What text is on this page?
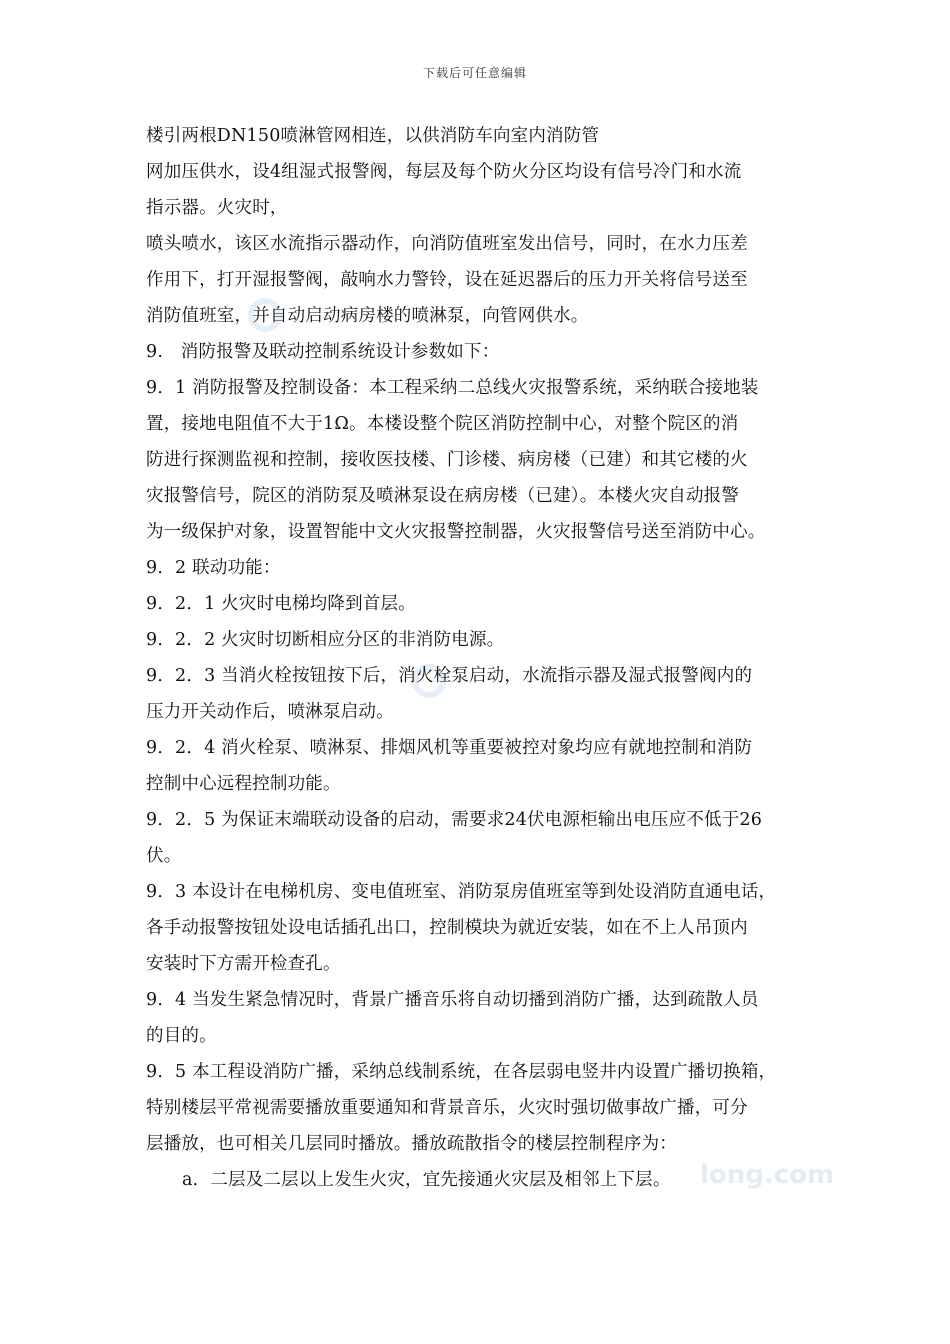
下载后可任意编辑
long.com
楼引两根DN150喷淋管网相连，以供消防车向室内消防管
网加压供水，设4组湿式报警阀，每层及每个防火分区均设有信号冷门和水流
指示器。火灾时，
喷头喷水，该区水流指示器动作，向消防值班室发出信号，同时，在水力压差
作用下，打开湿报警阀，敲响水力警铃，设在延迟器后的压力开关将信号送至
消防值班室，并自动启动病房楼的喷淋泵，向管网供水。
9.　消防报警及联动控制系统设计参数如下：
9．1 消防报警及控制设备：本工程采纳二总线火灾报警系统，采纳联合接地装
置，接地电阻值不大于1Ω。本楼设整个院区消防控制中心，对整个院区的消
防进行探测监视和控制，接收医技楼、门诊楼、病房楼（已建）和其它楼的火
灾报警信号，院区的消防泵及喷淋泵设在病房楼（已建）。本楼火灾自动报警
为一级保护对象，设置智能中文火灾报警控制器，火灾报警信号送至消防中心。
9．2 联动功能：
9．2．1 火灾时电梯均降到首层。
9．2．2 火灾时切断相应分区的非消防电源。
9．2．3 当消火栓按钮按下后，消火栓泵启动，水流指示器及湿式报警阀内的
压力开关动作后，喷淋泵启动。
9．2．4 消火栓泵、喷淋泵、排烟风机等重要被控对象均应有就地控制和消防
控制中心远程控制功能。
9．2．5 为保证末端联动设备的启动，需要求24伏电源柜输出电压应不低于26
伏。
9．3 本设计在电梯机房、变电值班室、消防泵房值班室等到处设消防直通电话，
各手动报警按钮处设电话插孔出口，控制模块为就近安装，如在不上人吊顶内
安装时下方需开检查孔。
9．4 当发生紧急情况时，背景广播音乐将自动切播到消防广播，达到疏散人员
的目的。
9．5 本工程设消防广播，采纳总线制系统，在各层弱电竖井内设置广播切换箱，
特别楼层平常视需要播放重要通知和背景音乐，火灾时强切做事故广播，可分
层播放，也可相关几层同时播放。播放疏散指令的楼层控制程序为：
a．二层及二层以上发生火灾，宜先接通火灾层及相邻上下层。
